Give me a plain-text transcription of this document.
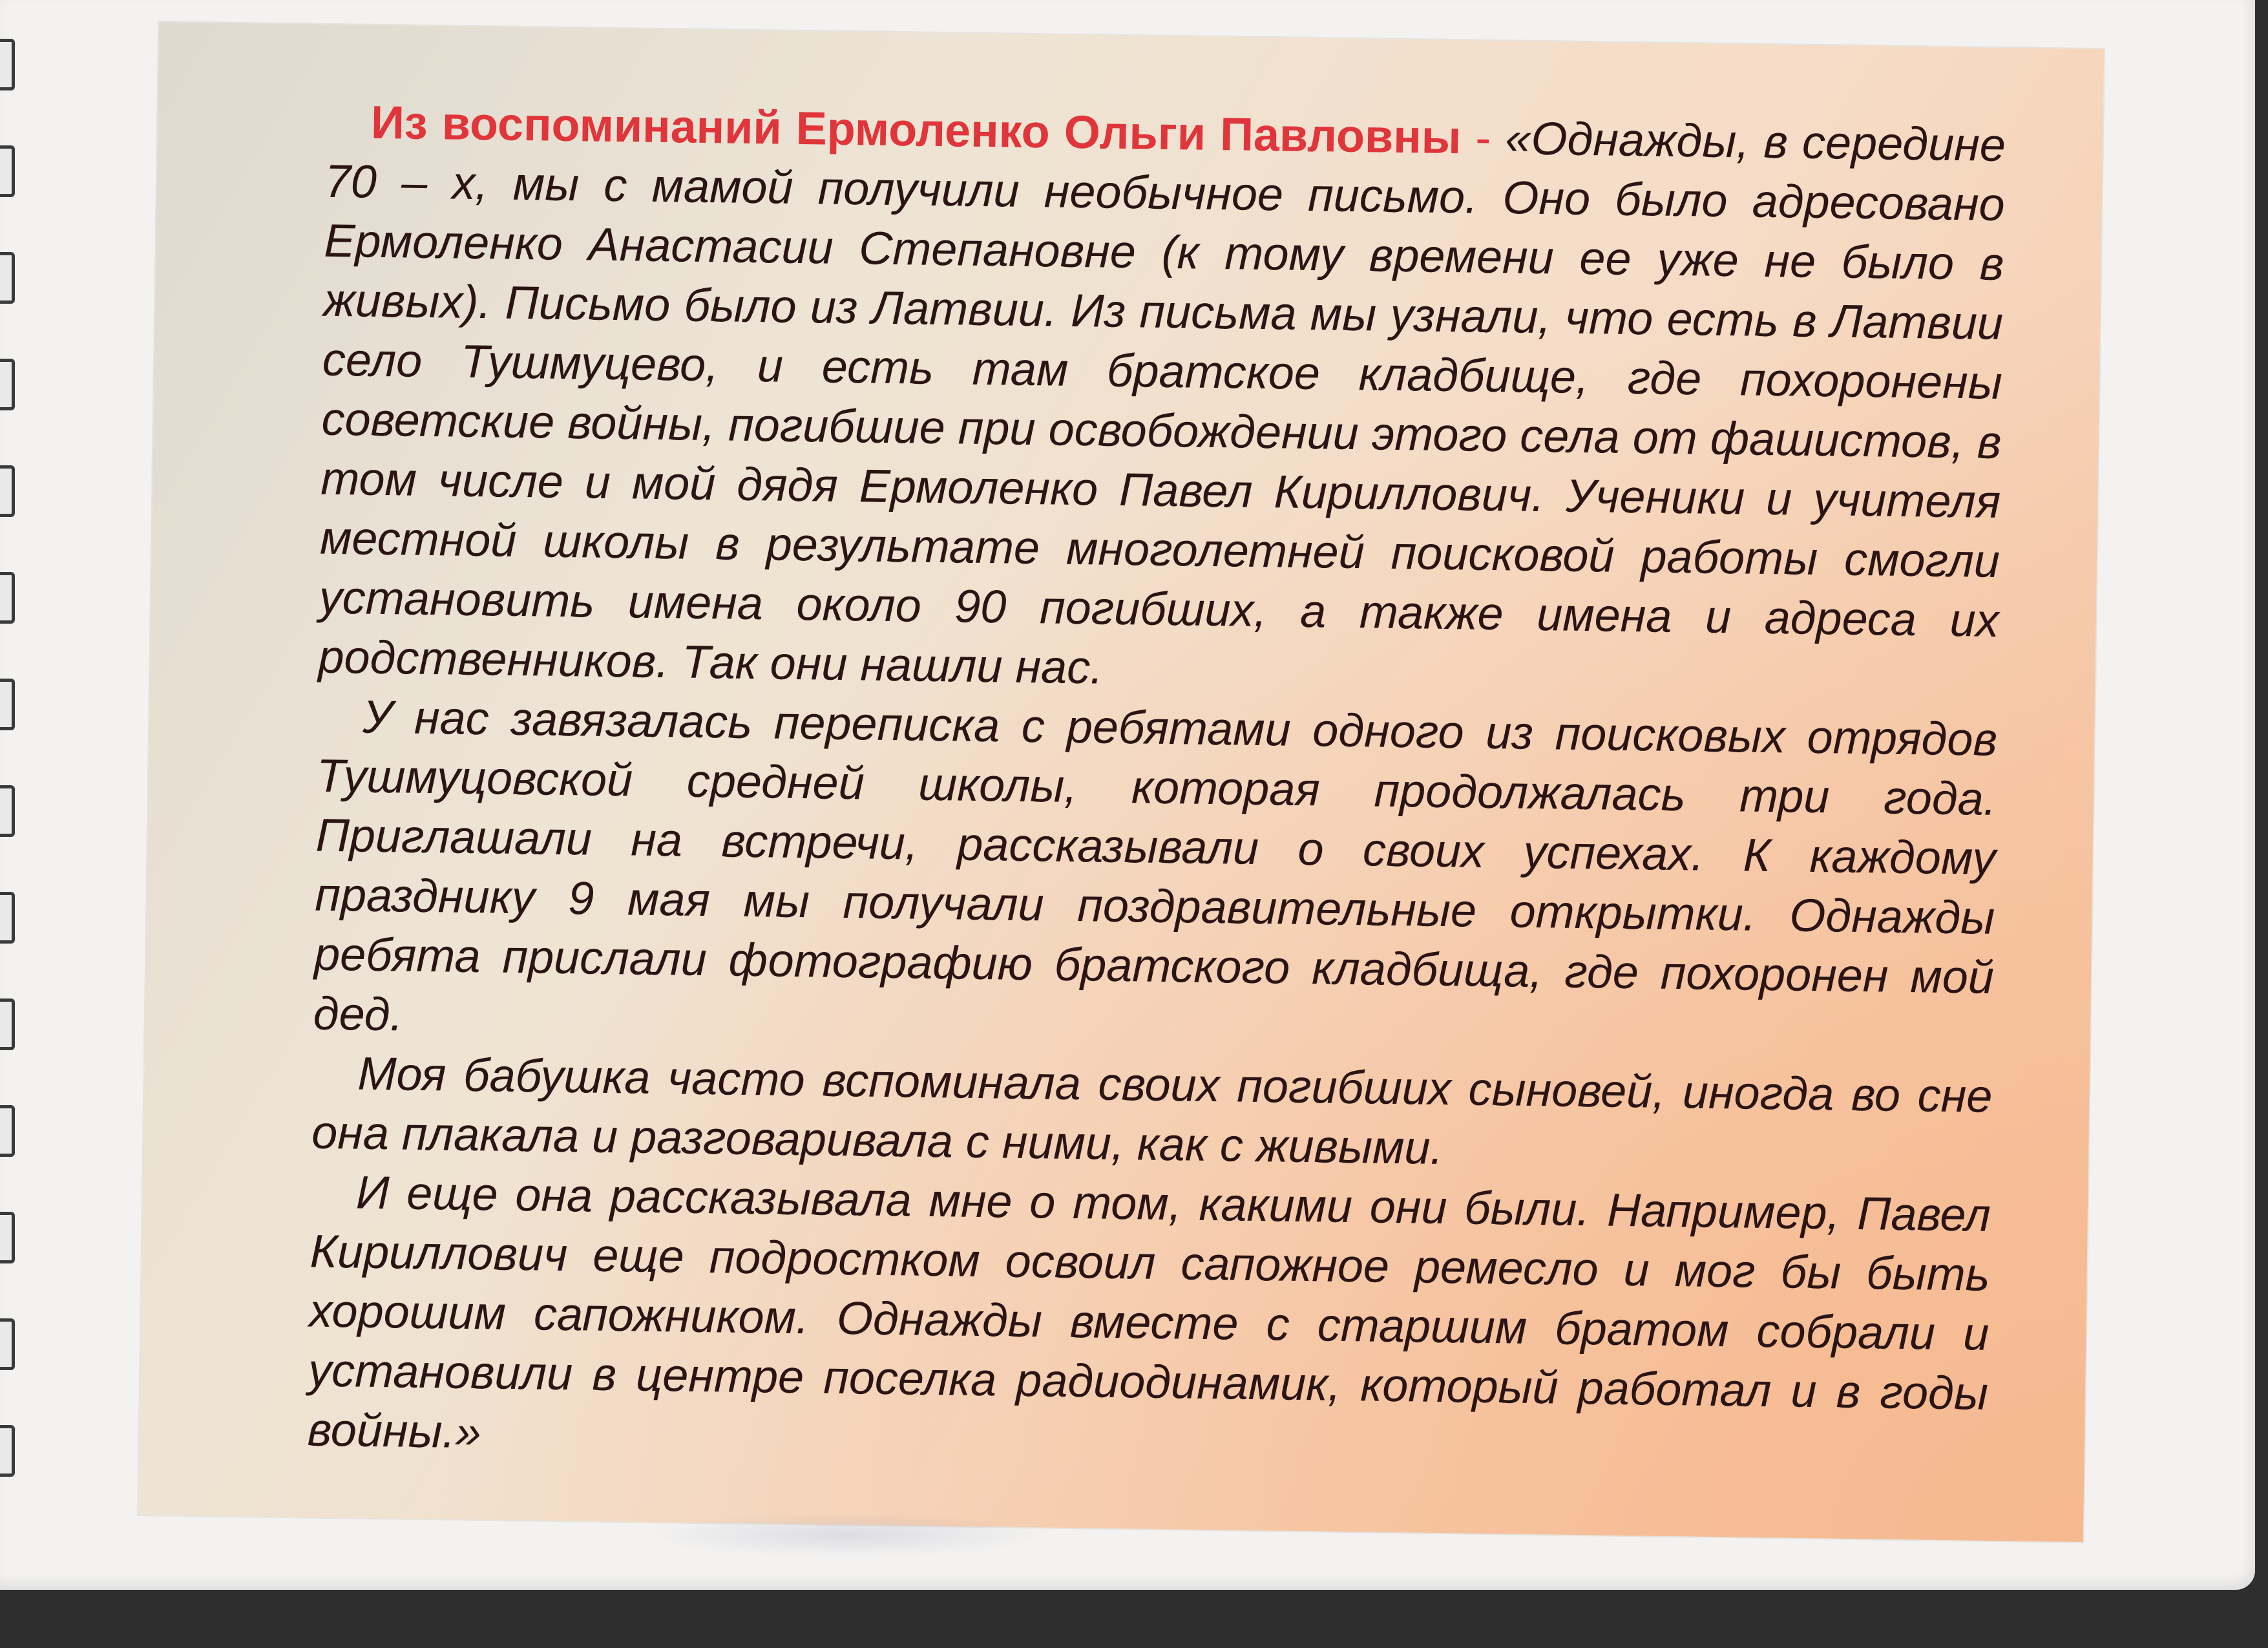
Из воспоминаний Ермоленко Ольги Павловны - «Однажды, в середине 70 – х, мы с мамой получили необычное письмо. Оно было адресовано Ермоленко Анастасии Степановне (к тому времени ее уже не было в живых). Письмо было из Латвии. Из письма мы узнали, что есть в Латвии село Тушмуцево, и есть там братское кладбище, где похоронены советские войны, погибшие при освобождении этого села от фашистов, в том числе и мой дядя Ермоленко Павел Кириллович. Ученики и учителя местной школы в результате многолетней поисковой работы смогли установить имена около 90 погибших, а также имена и адреса их родственников. Так они нашли нас.

У нас завязалась переписка с ребятами одного из поисковых отрядов Тушмуцовской средней школы, которая продолжалась три года. Приглашали на встречи, рассказывали о своих успехах. К каждому празднику 9 мая мы получали поздравительные открытки. Однажды ребята прислали фотографию братского кладбища, где похоронен мой дед.

Моя бабушка часто вспоминала своих погибших сыновей, иногда во сне она плакала и разговаривала с ними, как с живыми.

И еще она рассказывала мне о том, какими они были. Например, Павел Кириллович еще подростком освоил сапожное ремесло и мог бы быть хорошим сапожником. Однажды вместе с старшим братом собрали и установили в центре поселка радиодинамик, который работал и в годы войны.»
